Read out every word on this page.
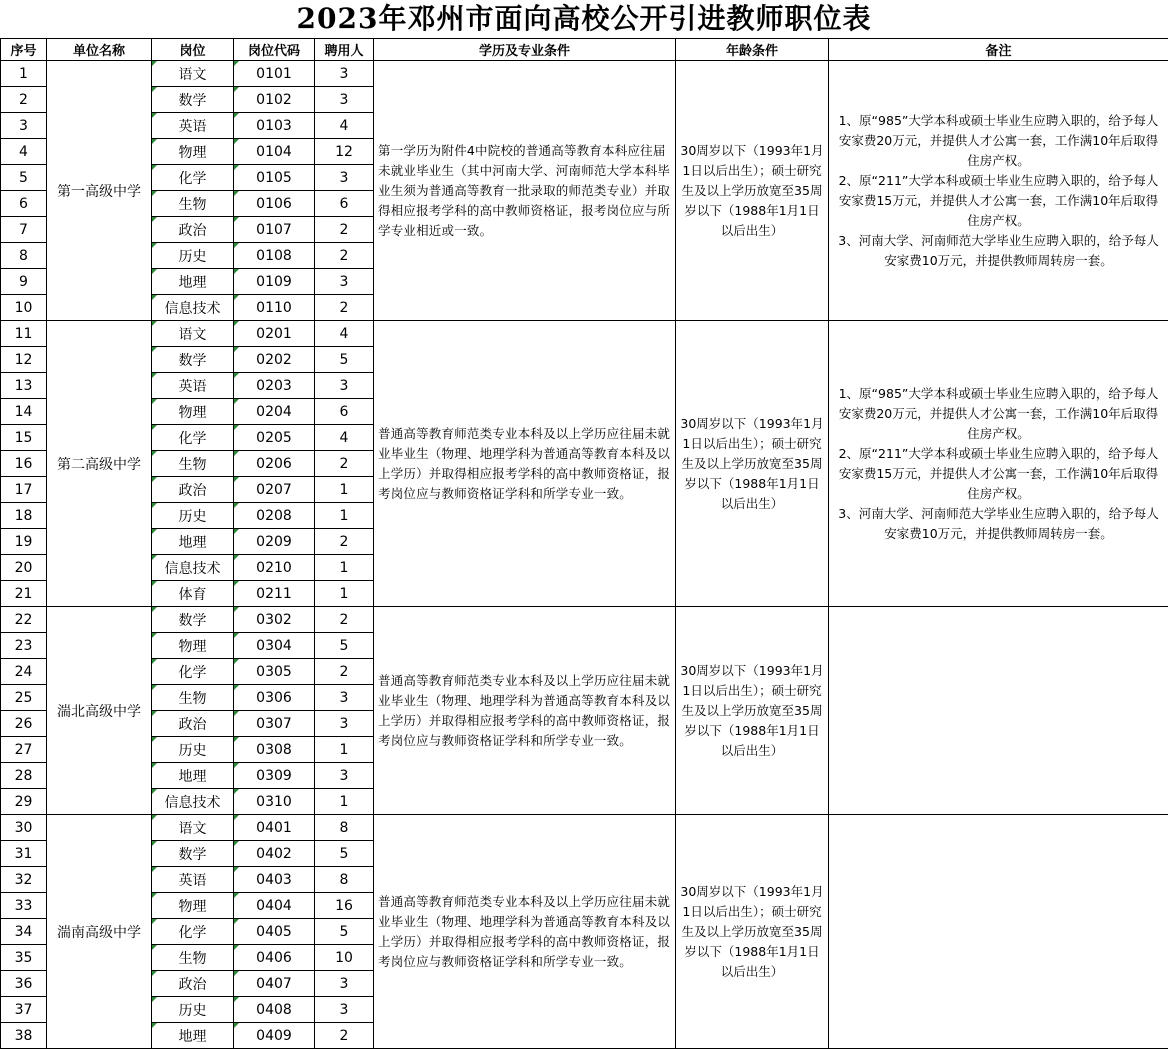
2023年邓州市面向高校公开引进教师职位表
序号	单位名称	岗位	岗位代码	聘用人	学历及专业条件	年龄条件	备注
1	第一高级中学	语文	0101	3	第一学历为附件4中院校的普通高等教育本科应往届未就业毕业生（其中河南大学、河南师范大学本科毕业生须为普通高等教育一批录取的师范类专业）并取得相应报考学科的高中教师资格证，报考岗位应与所学专业相近或一致。	30周岁以下（1993年1月1日以后出生）；硕士研究生及以上学历放宽至35周岁以下（1988年1月1日以后出生）	1、原“985”大学本科或硕士毕业生应聘入职的，给予每人安家费20万元，并提供人才公寓一套，工作满10年后取得住房产权。
2、原“211”大学本科或硕士毕业生应聘入职的，给予每人安家费15万元，并提供人才公寓一套，工作满10年后取得住房产权。
3、河南大学、河南师范大学毕业生应聘入职的，给予每人安家费10万元，并提供教师周转房一套。
2		数学	0102	3			
3		英语	0103	4			
4		物理	0104	12			
5		化学	0105	3			
6		生物	0106	6			
7		政治	0107	2			
8		历史	0108	2			
9		地理	0109	3			
10		信息技术	0110	2			
11	第二高级中学	语文	0201	4	普通高等教育师范类专业本科及以上学历应往届未就业毕业生（物理、地理学科为普通高等教育本科及以上学历）并取得相应报考学科的高中教师资格证，报考岗位应与教师资格证学科和所学专业一致。	30周岁以下（1993年1月1日以后出生）；硕士研究生及以上学历放宽至35周岁以下（1988年1月1日以后出生）	1、原“985”大学本科或硕士毕业生应聘入职的，给予每人安家费20万元，并提供人才公寓一套，工作满10年后取得住房产权。
2、原“211”大学本科或硕士毕业生应聘入职的，给予每人安家费15万元，并提供人才公寓一套，工作满10年后取得住房产权。
3、河南大学、河南师范大学毕业生应聘入职的，给予每人安家费10万元，并提供教师周转房一套。
12		数学	0202	5			
13		英语	0203	3			
14		物理	0204	6			
15		化学	0205	4			
16		生物	0206	2			
17		政治	0207	1			
18		历史	0208	1			
19		地理	0209	2			
20		信息技术	0210	1			
21		体育	0211	1			
22	湍北高级中学	数学	0302	2	普通高等教育师范类专业本科及以上学历应往届未就业毕业生（物理、地理学科为普通高等教育本科及以上学历）并取得相应报考学科的高中教师资格证，报考岗位应与教师资格证学科和所学专业一致。	30周岁以下（1993年1月1日以后出生）；硕士研究生及以上学历放宽至35周岁以下（1988年1月1日以后出生）	
23		物理	0304	5			
24		化学	0305	2			
25		生物	0306	3			
26		政治	0307	3			
27		历史	0308	1			
28		地理	0309	3			
29		信息技术	0310	1			
30	湍南高级中学	语文	0401	8	普通高等教育师范类专业本科及以上学历应往届未就业毕业生（物理、地理学科为普通高等教育本科及以上学历）并取得相应报考学科的高中教师资格证，报考岗位应与教师资格证学科和所学专业一致。	30周岁以下（1993年1月1日以后出生）；硕士研究生及以上学历放宽至35周岁以下（1988年1月1日以后出生）	
31		数学	0402	5			
32		英语	0403	8			
33		物理	0404	16			
34		化学	0405	5			
35		生物	0406	10			
36		政治	0407	3			
37		历史	0408	3			
38		地理	0409	2			
